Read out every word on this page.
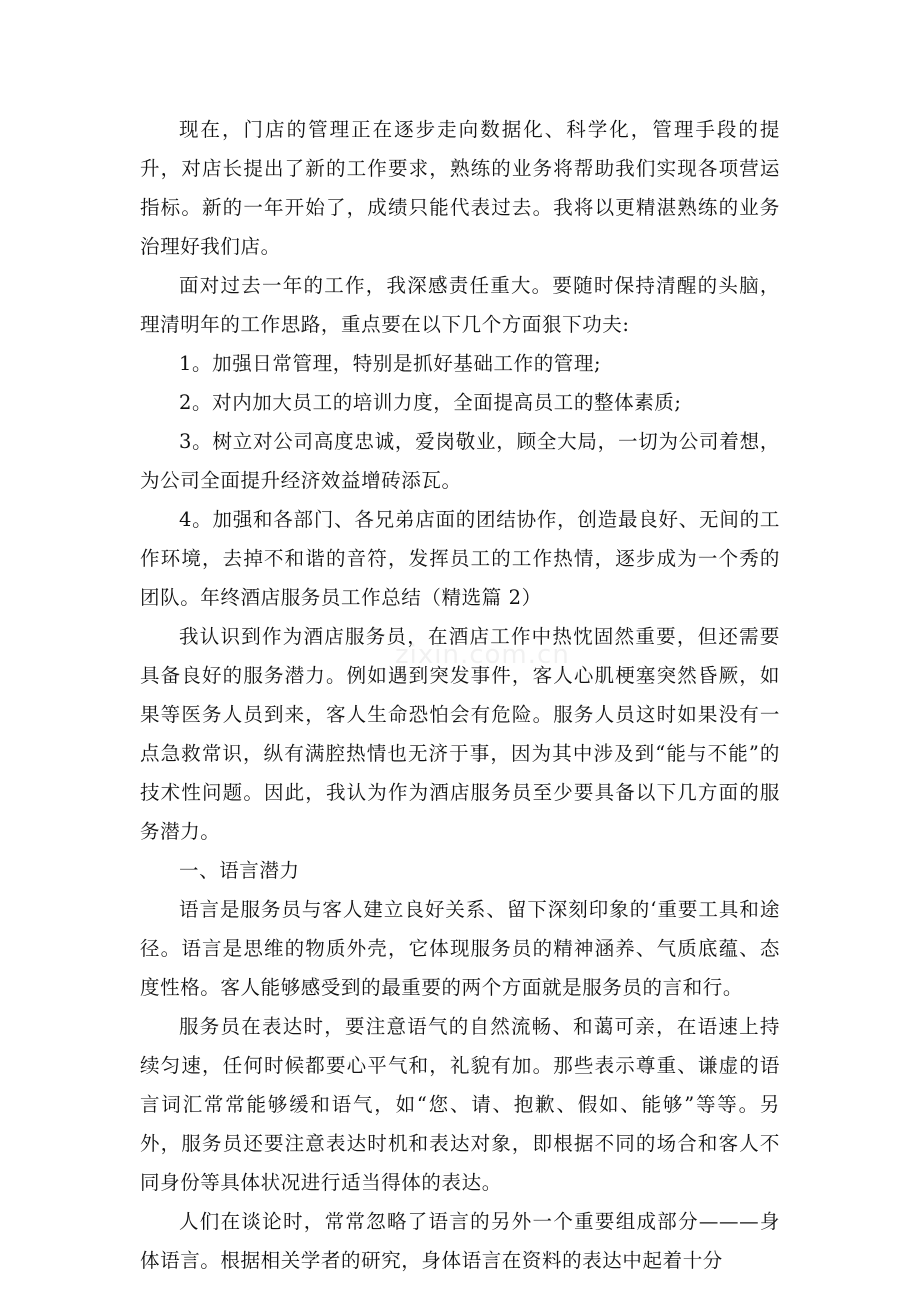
zixin.com.cn

现在，门店的管理正在逐步走向数据化、科学化，管理手段的提升，对店长提出了新的工作要求，熟练的业务将帮助我们实现各项营运指标。新的一年开始了，成绩只能代表过去。我将以更精湛熟练的业务治理好我们店。

面对过去一年的工作，我深感责任重大。要随时保持清醒的头脑，理清明年的工作思路，重点要在以下几个方面狠下功夫:

1。加强日常管理，特别是抓好基础工作的管理;

2。对内加大员工的培训力度，全面提高员工的整体素质;

3。树立对公司高度忠诚，爱岗敬业，顾全大局，一切为公司着想，为公司全面提升经济效益增砖添瓦。

4。加强和各部门、各兄弟店面的团结协作，创造最良好、无间的工作环境，去掉不和谐的音符，发挥员工的工作热情，逐步成为一个秀的团队。年终酒店服务员工作总结（精选篇 2）

我认识到作为酒店服务员，在酒店工作中热忱固然重要，但还需要具备良好的服务潜力。例如遇到突发事件，客人心肌梗塞突然昏厥，如果等医务人员到来，客人生命恐怕会有危险。服务人员这时如果没有一点急救常识，纵有满腔热情也无济于事，因为其中涉及到“能与不能”的技术性问题。因此，我认为作为酒店服务员至少要具备以下几方面的服务潜力。

一、语言潜力

语言是服务员与客人建立良好关系、留下深刻印象的‘重要工具和途径。语言是思维的物质外壳，它体现服务员的精神涵养、气质底蕴、态度性格。客人能够感受到的最重要的两个方面就是服务员的言和行。

服务员在表达时，要注意语气的自然流畅、和蔼可亲，在语速上持续匀速，任何时候都要心平气和，礼貌有加。那些表示尊重、谦虚的语言词汇常常能够缓和语气，如“您、请、抱歉、假如、能够”等等。另外，服务员还要注意表达时机和表达对象，即根据不同的场合和客人不同身份等具体状况进行适当得体的表达。

人们在谈论时，常常忽略了语言的另外一个重要组成部分———身体语言。根据相关学者的研究，身体语言在资料的表达中起着十分
